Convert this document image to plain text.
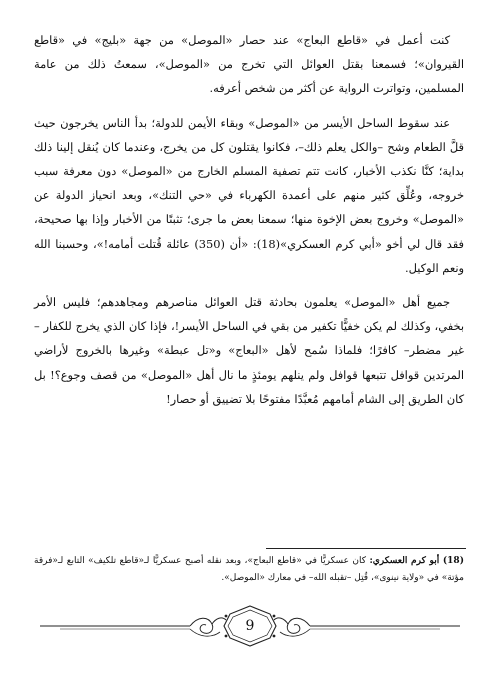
كنت أعمل في «قاطع البعاج» عند حصار «الموصل» من جهة «بليج» في «قاطع القيروان»؛ فسمعنا بقتل العوائل التي تخرج من «الموصل»، سمعتُ ذلك من عامة المسلمين، وتواترت الرواية عن أكثر من شخص أعرفه.

عند سقوط الساحل الأيسر من «الموصل» وبقاء الأيمن للدولة؛ بدأ الناس يخرجون حيث قلَّ الطعام وشح –والكل يعلم ذلك–، فكانوا يقتلون كل من يخرج، وعندما كان يُنقل إلينا ذلك بداية؛ كنَّا نكذب الأخبار، كانت تتم تصفية المسلم الخارج من «الموصل» دون معرفة سبب خروجه، وعُلِّق كثير منهم على أعمدة الكهرباء في «حي التنك»، وبعد انحياز الدولة عن «الموصل» وخروج بعض الإخوة منها؛ سمعنا بعض ما جرى؛ تثبتًا من الأخبار وإذا بها صحيحة، فقد قال لي أخو «أبي كرم العسكري»(18): «أن (350) عائلة قُتلت أمامه!»، وحسبنا الله ونعم الوكيل.

جميع أهل «الموصل» يعلمون بحادثة قتل العوائل مناصرهم ومجاهدهم؛ فليس الأمر بخفي، وكذلك لم يكن خفيًّا تكفير من بقي في الساحل الأيسر!، فإذا كان الذي يخرج للكفار –غير مضطر– كافرًا؛ فلماذا سُمح لأهل «البعاج» و«تل عبطة» وغيرها بالخروج لأراضي المرتدين قوافل تتبعها قوافل ولم ينلهم يومئذٍ ما نال أهل «الموصل» من قصف وجوع؟! بل كان الطريق إلى الشام أمامهم مُعبَّدًا مفتوحًا بلا تضييق أو حصار!

(18) أبو كرم العسكري: كان عسكريًّا في «قاطع البعاج»، وبعد نقله أصبح عسكريًّا لـ«قاطع تلكيف» التابع لـ«فرقة مؤتة» في «ولاية نينوى»، قُتِل –تقبله الله– في معارك «الموصل».

9
